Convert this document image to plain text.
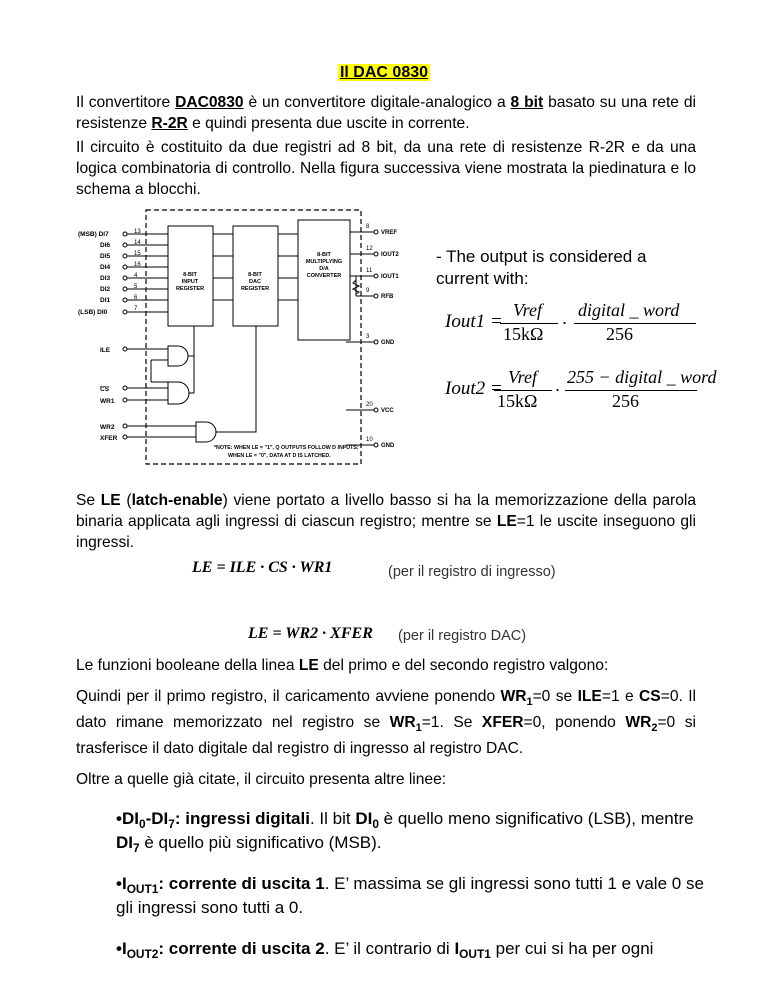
Il DAC 0830
Il convertitore DAC0830 è un convertitore digitale-analogico a 8 bit basato su una rete di resistenze R-2R e quindi presenta due uscite in corrente.
Il circuito è costituito da due registri ad 8 bit, da una rete di resistenze R-2R e da una logica combinatoria di controllo. Nella figura successiva viene mostrata la piedinatura e lo schema a blocchi.
(MSB) DI7
DI6
DI5
DI4
DI3
DI2
DI1
(LSB) DI0
13
14
15
16
4
5
6
7
8-BIT
INPUT
REGISTER
8-BIT
DAC
REGISTER
8-BIT
MULTIPLYING
D/A
CONVERTER
ILE
CS
WR1
WR2
XFER
VREF
IOUT2
IOUT1
RFB
GND
VCC
GND
8
12
11
9
3
20
10
*NOTE: WHEN LE = "1", Q OUTPUTS FOLLOW D INPUTS;
WHEN LE = "0", DATA AT D IS LATCHED.
- The output is considered a current with:
Iout1 =
Vref
15kΩ
·
digital _ word
256
Iout2 =
Vref
15kΩ
·
255 − digital _ word
256
Se LE (latch-enable) viene portato a livello basso si ha la memorizzazione della parola binaria applicata agli ingressi di ciascun registro; mentre se LE=1 le uscite inseguono gli ingressi.
LE = ILE · CS · WR1	(per il registro di ingresso)
LE = WR2 · XFER (per il registro DAC)
Le funzioni booleane della linea LE del primo e del secondo registro valgono:
Quindi per il primo registro, il caricamento avviene ponendo $WR_1=0$ se ILE=1 e CS=0. Il dato rimane memorizzato nel registro se $WR_1=1$. Se XFER=0, ponendo $WR_2=0$ si trasferisce il dato digitale dal registro di ingresso al registro DAC.
Oltre a quelle già citate, il circuito presenta altre linee:
$•DI_0-DI_7$: ingressi digitali. Il bit $DI_0$ è quello meno significativo (LSB), mentre $DI_7$ è quello più significativo (MSB).
$•I_{OUT1}$: corrente di uscita 1. E’ massima se gli ingressi sono tutti 1 e vale 0 se gli ingressi sono tutti a 0.
$•I_{OUT2}$: corrente di uscita 2. E’ il contrario di $I_{OUT1}$ per cui si ha per ogni
